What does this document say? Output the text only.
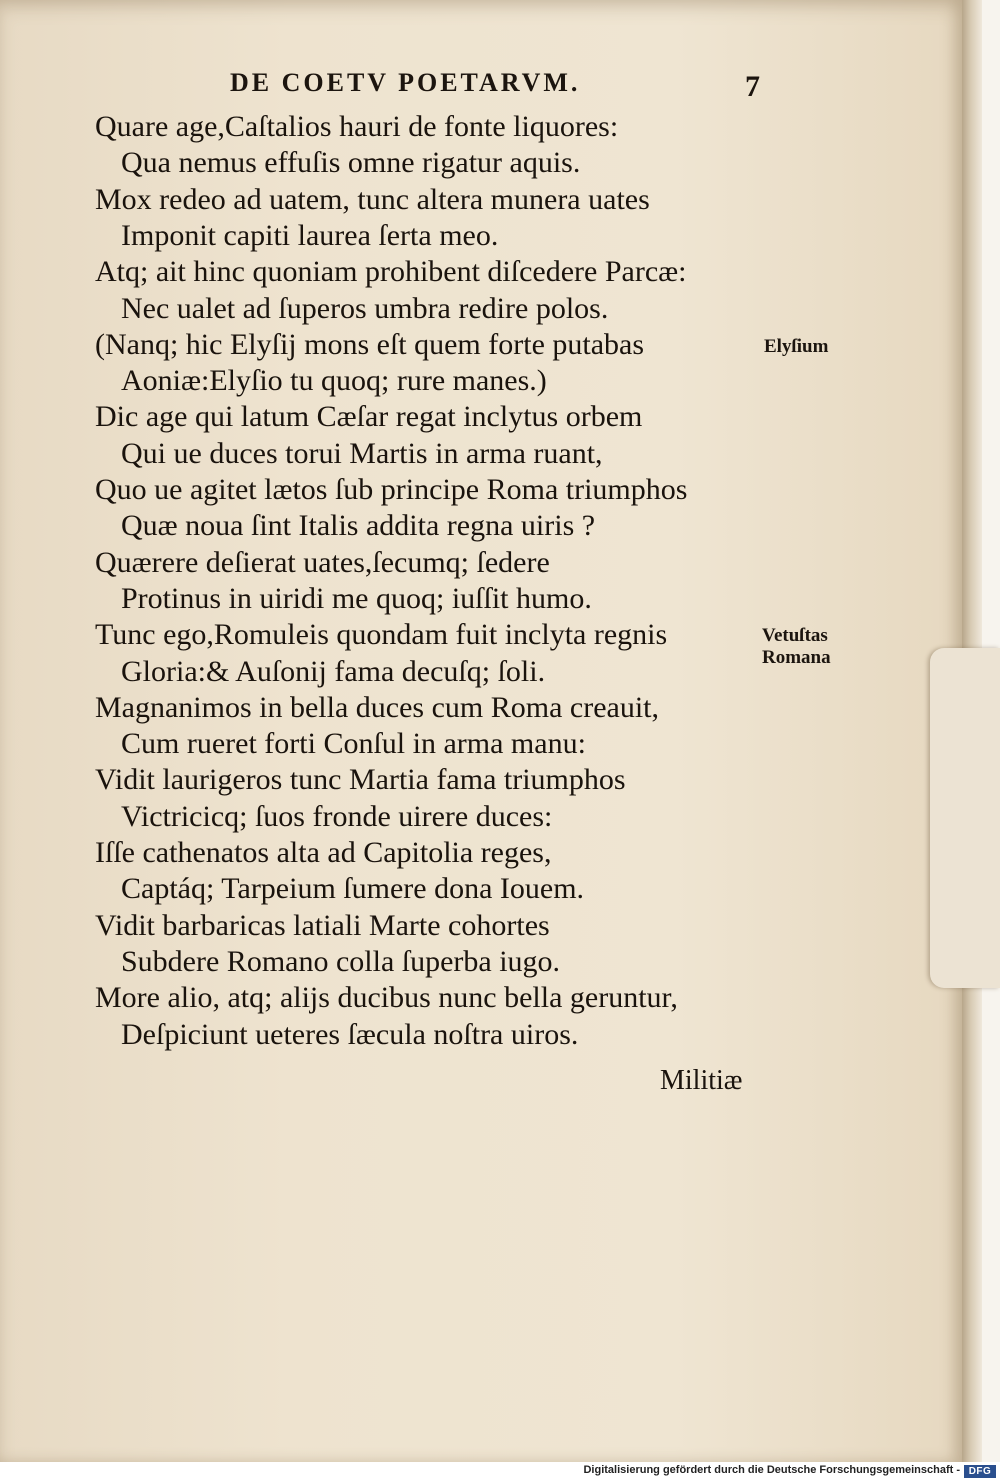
DE COETV POETARVM.	7
Quare age,Caſtalios hauri de fonte liquores:
Qua nemus effuſis omne rigatur aquis.
Mox redeo ad uatem, tunc altera munera uates
Imponit capiti laurea ſerta meo.
Atq; ait hinc quoniam prohibent diſcedere Parcæ:
Nec ualet ad ſuperos umbra redire polos.
(Nanq; hic Elyſij mons eſt quem forte putabas
Aoniæ:Elyſio tu quoq; rure manes.)
Dic age qui latum Cæſar regat inclytus orbem
Qui ue duces torui Martis in arma ruant,
Quo ue agitet lætos ſub principe Roma triumphos
Quæ noua ſint Italis addita regna uiris ?
Quærere deſierat uates,ſecumq; ſedere
Protinus in uiridi me quoq; iuſſit humo.
Tunc ego,Romuleis quondam fuit inclyta regnis
Gloria:& Auſonij fama decuſq; ſoli.
Magnanimos in bella duces cum Roma creauit,
Cum rueret forti Conſul in arma manu:
Vidit laurigeros tunc Martia fama triumphos
Victricicq; ſuos fronde uirere duces:
Iſſe cathenatos alta ad Capitolia reges,
Captáq; Tarpeium ſumere dona Iouem.
Vidit barbaricas latiali Marte cohortes
Subdere Romano colla ſuperba iugo.
More alio, atq; alijs ducibus nunc bella geruntur,
Deſpiciunt ueteres ſæcula noſtra uiros.
Elyſium
Vetuſtas
Romana
Militiæ
Digitalisierung gefördert durch die Deutsche Forschungsgemeinschaft - DFG
